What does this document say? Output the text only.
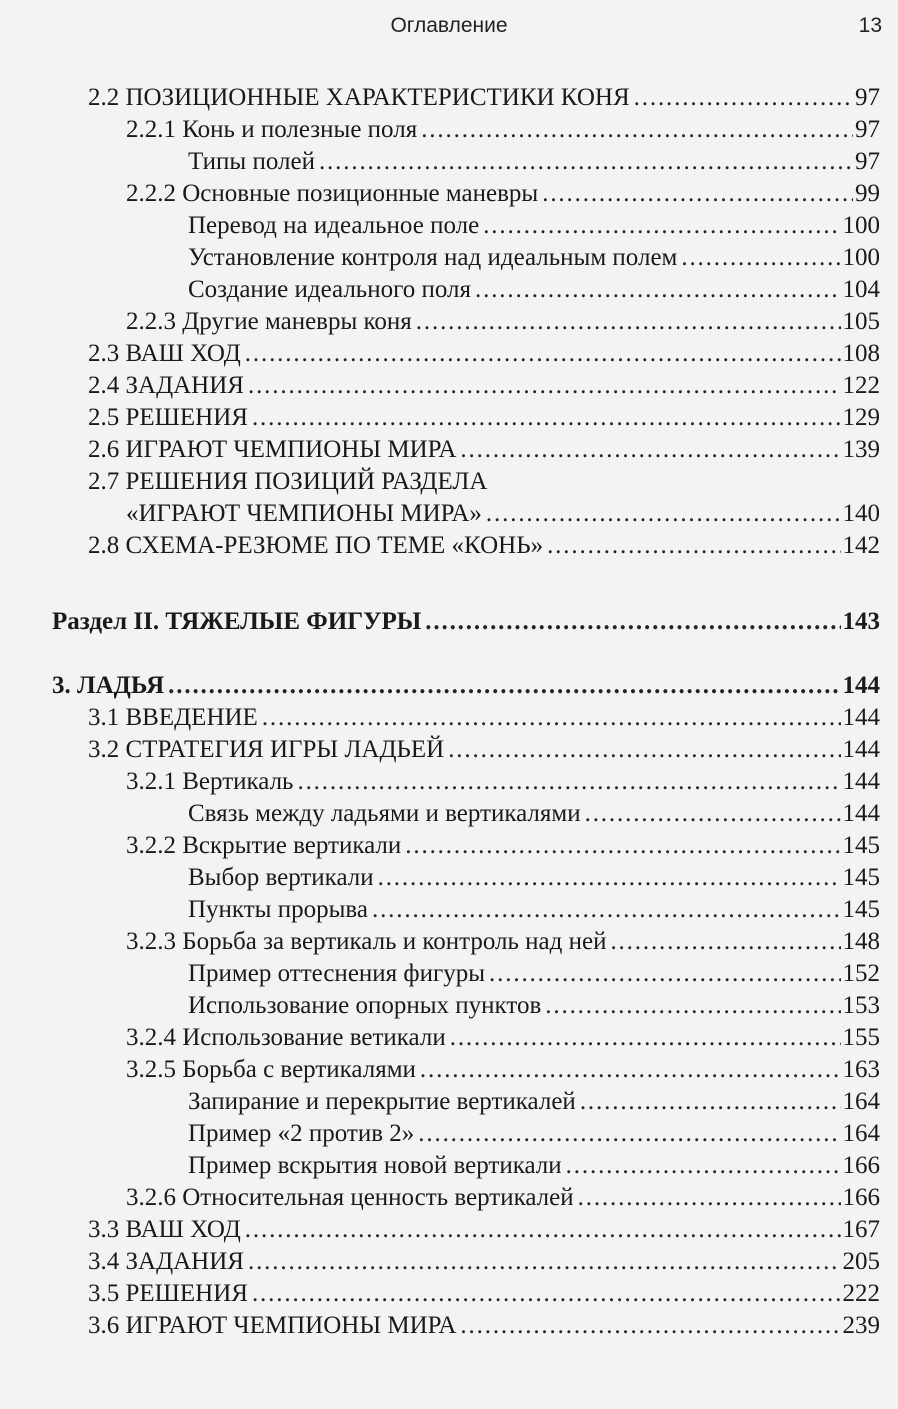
Оглавление	13
2.2 ПОЗИЦИОННЫЕ ХАРАКТЕРИСТИКИ КОНЯ . . .	97
2.2.1 Конь и полезные поля . . .	97
Типы полей . . .	97
2.2.2 Основные позиционные маневры . . .	99
Перевод на идеальное поле . . .	100
Установление контроля над идеальным полем . . .	100
Создание идеального поля . . .	104
2.2.3 Другие маневры коня . . .	105
2.3 ВАШ ХОД . . .	108
2.4 ЗАДАНИЯ . . .	122
2.5 РЕШЕНИЯ . . .	129
2.6 ИГРАЮТ ЧЕМПИОНЫ МИРА . . .	139
2.7 РЕШЕНИЯ ПОЗИЦИЙ РАЗДЕЛА
«ИГРАЮТ ЧЕМПИОНЫ МИРА» . . .	140
2.8 СХЕМА-РЕЗЮМЕ ПО ТЕМЕ «КОНЬ» . . .	142
Раздел II. ТЯЖЕЛЫЕ ФИГУРЫ . . .	143
3. ЛАДЬЯ . . .	144
3.1 ВВЕДЕНИЕ . . .	144
3.2 СТРАТЕГИЯ ИГРЫ ЛАДЬЕЙ . . .	144
3.2.1 Вертикаль . . .	144
Связь между ладьями и вертикалями . . .	144
3.2.2 Вскрытие вертикали . . .	145
Выбор вертикали . . .	145
Пункты прорыва . . .	145
3.2.3 Борьба за вертикаль и контроль над ней . . .	148
Пример оттеснения фигуры . . .	152
Использование опорных пунктов . . .	153
3.2.4 Использование ветикали . . .	155
3.2.5 Борьба с вертикалями . . .	163
Запирание и перекрытие вертикалей . . .	164
Пример «2 против 2» . . .	164
Пример вскрытия новой вертикали . . .	166
3.2.6 Относительная ценность вертикалей . . .	166
3.3 ВАШ ХОД . . .	167
3.4 ЗАДАНИЯ . . .	205
3.5 РЕШЕНИЯ . . .	222
3.6 ИГРАЮТ ЧЕМПИОНЫ МИРА . . .	239
